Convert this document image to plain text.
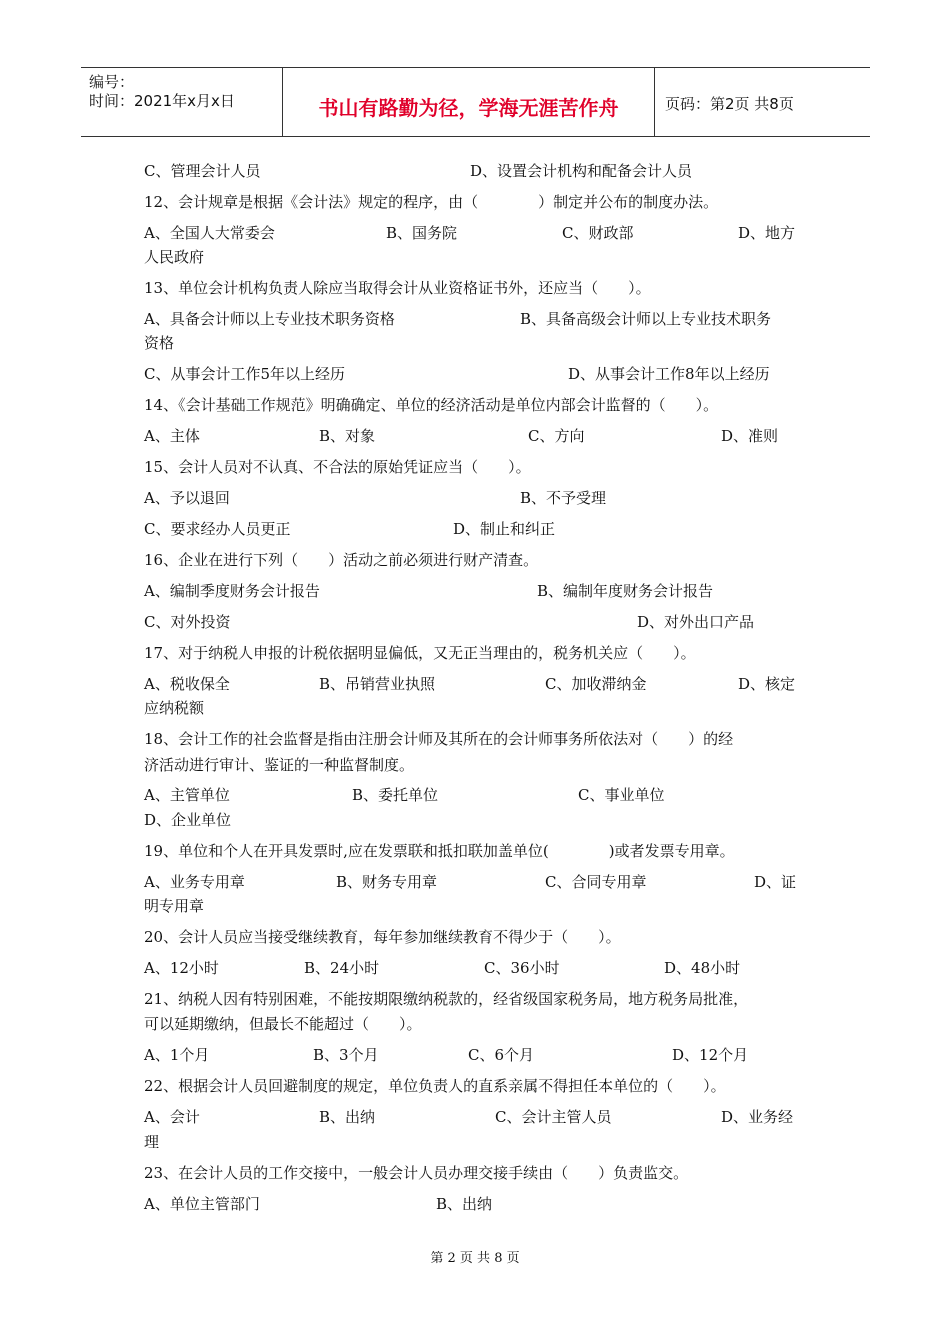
编号：
时间：2021年x月x日	书山有路勤为径，学海无涯苦作舟	页码：第2页 共8页
C、管理会计人员	D、设置会计机构和配备会计人员
12、会计规章是根据《会计法》规定的程序，由（　　　　）制定并公布的制度办法。
A、全国人大常委会	B、国务院	C、财政部	D、地方
人民政府
13、单位会计机构负责人除应当取得会计从业资格证书外，还应当（　　）。
A、具备会计师以上专业技术职务资格	B、具备高级会计师以上专业技术职务
资格
C、从事会计工作5年以上经历	D、从事会计工作8年以上经历
14、《会计基础工作规范》明确确定、单位的经济活动是单位内部会计监督的（　　）。
A、主体	B、对象	C、方向	D、准则
15、会计人员对不认真、不合法的原始凭证应当（　　）。
A、予以退回	B、不予受理
C、要求经办人员更正	D、制止和纠正
16、企业在进行下列（　　）活动之前必须进行财产清查。
A、编制季度财务会计报告	B、编制年度财务会计报告
C、对外投资	D、对外出口产品
17、对于纳税人申报的计税依据明显偏低，又无正当理由的，税务机关应（　　）。
A、税收保全	B、吊销营业执照	C、加收滞纳金	D、核定
应纳税额
18、会计工作的社会监督是指由注册会计师及其所在的会计师事务所依法对（　　）的经
济活动进行审计、鉴证的一种监督制度。
A、主管单位	B、委托单位	C、事业单位
D、企业单位
19、单位和个人在开具发票时,应在发票联和抵扣联加盖单位(　　　　)或者发票专用章。
A、业务专用章	B、财务专用章	C、合同专用章	D、证
明专用章
20、会计人员应当接受继续教育，每年参加继续教育不得少于（　　）。
A、12小时	B、24小时	C、36小时	D、48小时
21、纳税人因有特别困难，不能按期限缴纳税款的，经省级国家税务局，地方税务局批准，
可以延期缴纳，但最长不能超过（　　）。
A、1个月	B、3个月	C、6个月	D、12个月
22、根据会计人员回避制度的规定，单位负责人的直系亲属不得担任本单位的（　　）。
A、会计	B、出纳	C、会计主管人员	D、业务经
理
23、在会计人员的工作交接中，一般会计人员办理交接手续由（　　）负责监交。
A、单位主管部门	B、出纳
第 2 页 共 8 页
